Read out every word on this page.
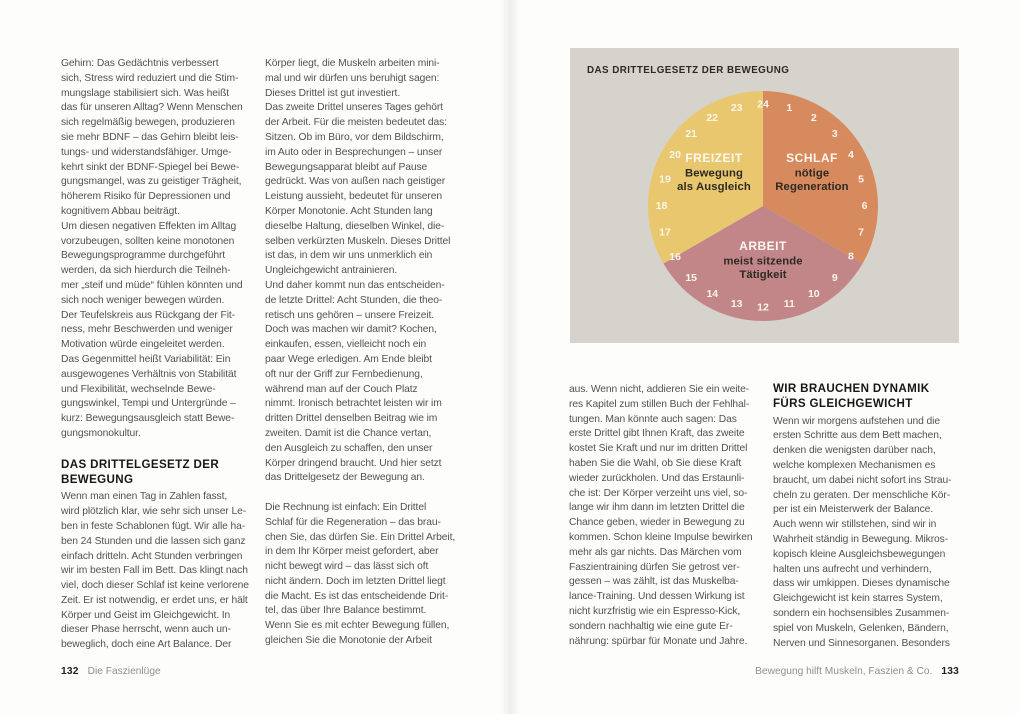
Gehirn: Das Gedächtnis verbessert
sich, Stress wird reduziert und die Stim-
mungslage stabilisiert sich. Was heißt
das für unseren Alltag? Wenn Menschen
sich regelmäßig bewegen, produzieren
sie mehr BDNF – das Gehirn bleibt leis-
tungs- und widerstandsfähiger. Umge-
kehrt sinkt der BDNF-Spiegel bei Bewe-
gungsmangel, was zu geistiger Trägheit,
höherem Risiko für Depressionen und
kognitivem Abbau beiträgt.
Um diesen negativen Effekten im Alltag
vorzubeugen, sollten keine monotonen
Bewegungsprogramme durchgeführt
werden, da sich hierdurch die Teilneh-
mer „steif und müde“ fühlen könnten und
sich noch weniger bewegen würden.
Der Teufelskreis aus Rückgang der Fit-
ness, mehr Beschwerden und weniger
Motivation würde eingeleitet werden.
Das Gegenmittel heißt Variabilität: Ein
ausgewogenes Verhältnis von Stabilität
und Flexibilität, wechselnde Bewe-
gungswinkel, Tempi und Untergründe –
kurz: Bewegungsausgleich statt Bewe-
gungsmonokultur.
DAS DRITTELGESETZ DER
BEWEGUNG
Wenn man einen Tag in Zahlen fasst,
wird plötzlich klar, wie sehr sich unser Le-
ben in feste Schablonen fügt. Wir alle ha-
ben 24 Stunden und die lassen sich ganz
einfach dritteln. Acht Stunden verbringen
wir im besten Fall im Bett. Das klingt nach
viel, doch dieser Schlaf ist keine verlorene
Zeit. Er ist notwendig, er erdet uns, er hält
Körper und Geist im Gleichgewicht. In
dieser Phase herrscht, wenn auch un-
beweglich, doch eine Art Balance. Der
Körper liegt, die Muskeln arbeiten mini-
mal und wir dürfen uns beruhigt sagen:
Dieses Drittel ist gut investiert.
Das zweite Drittel unseres Tages gehört
der Arbeit. Für die meisten bedeutet das:
Sitzen. Ob im Büro, vor dem Bildschirm,
im Auto oder in Besprechungen – unser
Bewegungsapparat bleibt auf Pause
gedrückt. Was von außen nach geistiger
Leistung aussieht, bedeutet für unseren
Körper Monotonie. Acht Stunden lang
dieselbe Haltung, dieselben Winkel, die-
selben verkürzten Muskeln. Dieses Drittel
ist das, in dem wir uns unmerklich ein
Ungleichgewicht antrainieren.
Und daher kommt nun das entscheiden-
de letzte Drittel: Acht Stunden, die theo-
retisch uns gehören – unsere Freizeit.
Doch was machen wir damit? Kochen,
einkaufen, essen, vielleicht noch ein
paar Wege erledigen. Am Ende bleibt
oft nur der Griff zur Fernbedienung,
während man auf der Couch Platz
nimmt. Ironisch betrachtet leisten wir im
dritten Drittel denselben Beitrag wie im
zweiten. Damit ist die Chance vertan,
den Ausgleich zu schaffen, den unser
Körper dringend braucht. Und hier setzt
das Drittelgesetz der Bewegung an.
Die Rechnung ist einfach: Ein Drittel
Schlaf für die Regeneration – das brau-
chen Sie, das dürfen Sie. Ein Drittel Arbeit,
in dem Ihr Körper meist gefordert, aber
nicht bewegt wird – das lässt sich oft
nicht ändern. Doch im letzten Drittel liegt
die Macht. Es ist das entscheidende Drit-
tel, das über Ihre Balance bestimmt.
Wenn Sie es mit echter Bewegung füllen,
gleichen Sie die Monotonie der Arbeit
132 Die Faszienlüge
SCHLAF
nötige
Regeneration
ARBEIT
meist sitzende
Tätigkeit
FREIZEIT
Bewegung
als Ausgleich
1
2
3
4
5
6
7
8
9
10
11
12
13
14
15
16
17
18
19
20
21
22
23 24
DAS DRITTELGESETZ DER BEWEGUNG
aus. Wenn nicht, addieren Sie ein weite-
res Kapitel zum stillen Buch der Fehlhal-
tungen. Man könnte auch sagen: Das
erste Drittel gibt Ihnen Kraft, das zweite
kostet Sie Kraft und nur im dritten Drittel
haben Sie die Wahl, ob Sie diese Kraft
wieder zurückholen. Und das Erstaunli-
che ist: Der Körper verzeiht uns viel, so-
lange wir ihm dann im letzten Drittel die
Chance geben, wieder in Bewegung zu
kommen. Schon kleine Impulse bewirken
mehr als gar nichts. Das Märchen vom
Faszientraining dürfen Sie getrost ver-
gessen – was zählt, ist das Muskelba-
lance-Training. Und dessen Wirkung ist
nicht kurzfristig wie ein Espresso-Kick,
sondern nachhaltig wie eine gute Er-
nährung: spürbar für Monate und Jahre.
WIR BRAUCHEN DYNAMIK
FÜRS GLEICHGEWICHT
Wenn wir morgens aufstehen und die
ersten Schritte aus dem Bett machen,
denken die wenigsten darüber nach,
welche komplexen Mechanismen es
braucht, um dabei nicht sofort ins Strau-
cheln zu geraten. Der menschliche Kör-
per ist ein Meisterwerk der Balance.
Auch wenn wir stillstehen, sind wir in
Wahrheit ständig in Bewegung. Mikros-
kopisch kleine Ausgleichsbewegungen
halten uns aufrecht und verhindern,
dass wir umkippen. Dieses dynamische
Gleichgewicht ist kein starres System,
sondern ein hochsensibles Zusammen-
spiel von Muskeln, Gelenken, Bändern,
Nerven und Sinnesorganen. Besonders
Bewegung hilft Muskeln, Faszien & Co. 133
